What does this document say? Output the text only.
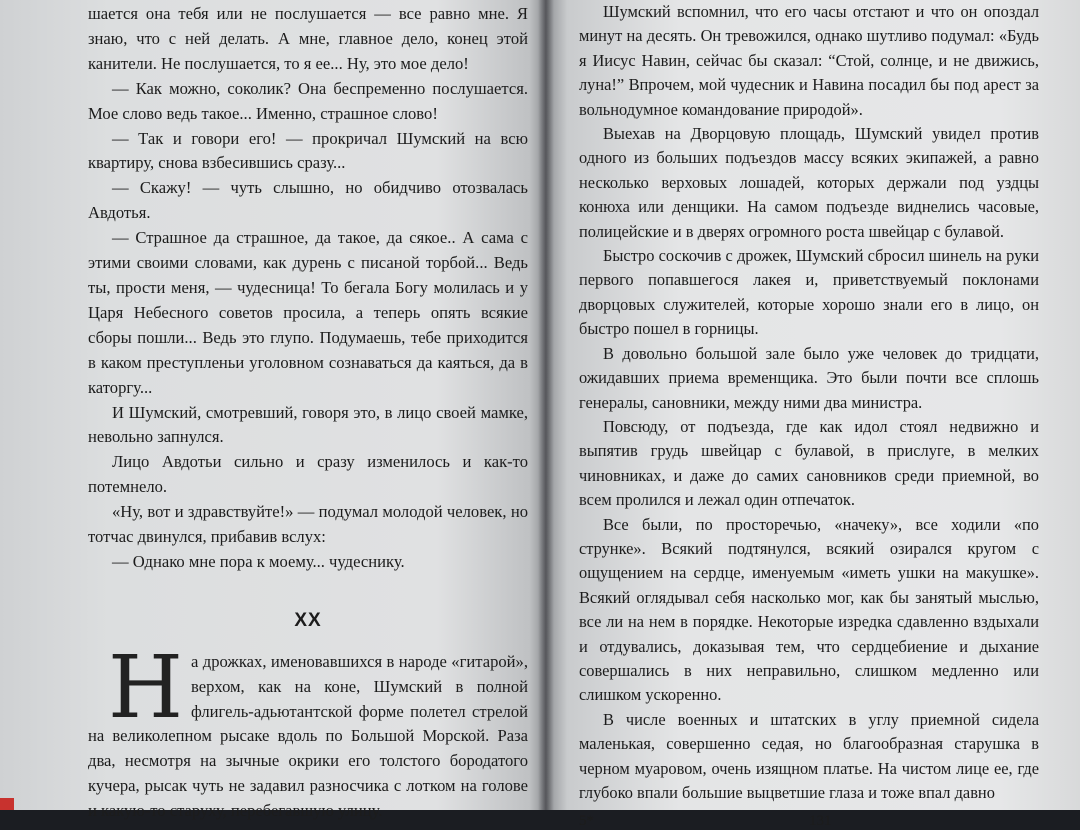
шается она тебя или не послушается — все равно мне. Я знаю, что с ней делать. А мне, главное дело, конец этой канители. Не послушается, то я ее... Ну, это мое дело!

— Как можно, соколик? Она беспременно послушается. Мое слово ведь такое... Именно, страшное слово!

— Так и говори его! — прокричал Шумский на всю квартиру, снова взбесившись сразу...

— Скажу! — чуть слышно, но обидчиво отозвалась Авдотья.

— Страшное да страшное, да такое, да сякое.. А сама с этими своими словами, как дурень с писаной торбой... Ведь ты, прости меня, — чудесница! То бегала Богу молилась и у Царя Небесного советов просила, а теперь опять всякие сборы пошли... Ведь это глупо. Подумаешь, тебе приходится в каком преступленьи уголовном сознаваться да каяться, да в каторгу...

И Шумский, смотревший, говоря это, в лицо своей мамке, невольно запнулся.

Лицо Авдотьи сильно и сразу изменилось и как-то потемнело.

«Ну, вот и здравствуйте!» — подумал молодой человек, но тотчас двинулся, прибавив вслух:

— Однако мне пора к моему... чудеснику.

XX
Н а дрожках, именовавшихся в народе «гитарой», верхом, как на коне, Шумский в полной флигель-адьютантской форме полетел стрелой на великолепном рысаке вдоль по Большой Морской. Раза два, несмотря на зычные окрики его толстого бородатого кучера, рысак чуть не задавил разносчика с лотком на голове и какую-то старуху, перебегавшую улицу.

Шумский вспомнил, что его часы отстают и что он опоздал минут на десять. Он тревожился, однако шутливо подумал: «Будь я Иисус Навин, сейчас бы сказал: “Стой, солнце, и не движись, луна!” Впрочем, мой чудесник и Навина посадил бы под арест за вольнодумное командование природой».

Выехав на Дворцовую площадь, Шумский увидел против одного из больших подъездов массу всяких экипажей, а равно несколько верховых лошадей, которых держали под уздцы конюха или денщики. На самом подъезде виднелись часовые, полицейские и в дверях огромного роста швейцар с булавой.

Быстро соскочив с дрожек, Шумский сбросил шинель на руки первого попавшегося лакея и, приветствуемый поклонами дворцовых служителей, которые хорошо знали его в лицо, он быстро пошел в горницы.

В довольно большой зале было уже человек до тридцати, ожидавших приема временщика. Это были почти все сплошь генералы, сановники, между ними два министра.

Повсюду, от подъезда, где как идол стоял недвижно и выпятив грудь швейцар с булавой, в прислуге, в мелких чиновниках, и даже до самих сановников среди приемной, во всем пролился и лежал один отпечаток.

Все были, по просторечью, «начеку», все ходили «по струнке». Всякий подтянулся, всякий озирался кругом с ощущением на сердце, именуемым «иметь ушки на макушке». Всякий оглядывал себя насколько мог, как бы занятый мыслью, все ли на нем в порядке. Некоторые изредка сдавленно вздыхали и отдувались, доказывая тем, что сердцебиение и дыхание совершались в них неправильно, слишком медленно или слишком ускоренно.

В числе военных и штатских в углу приемной сидела маленькая, совершенно седая, но благообразная старушка в черном муаровом, очень изящном платье. На чистом лице ее, где глубоко впали большие выцветшие глаза и тоже впал давно

5*	131
